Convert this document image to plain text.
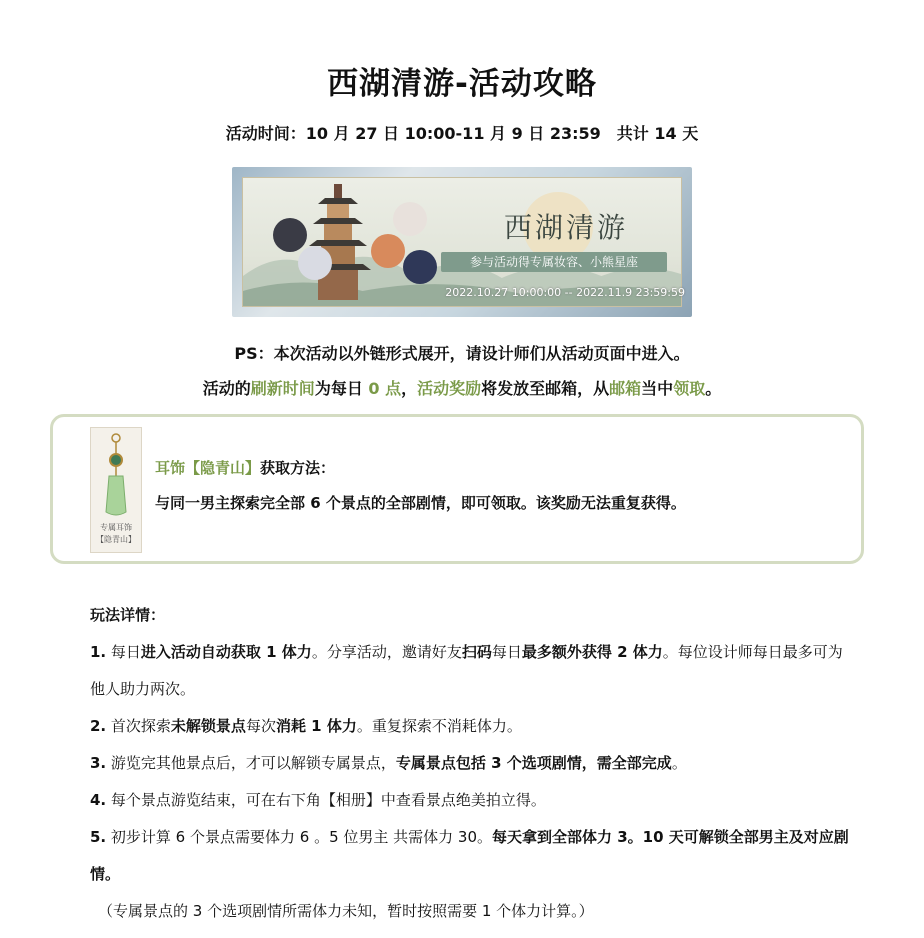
西湖清游-活动攻略
活动时间：10 月 27 日 10:00-11 月 9 日 23:59　共计 14 天
西湖清游
参与活动得专属妆容、小熊星座
2022.10.27 10:00:00 -- 2022.11.9 23:59:59
PS：本次活动以外链形式展开，请设计师们从活动页面中进入。
活动的刷新时间为每日 0 点，活动奖励将发放至邮箱，从邮箱当中领取。
专属耳饰
【隐青山】
耳饰【隐青山】获取方法：
与同一男主探索完全部 6 个景点的全部剧情，即可领取。该奖励无法重复获得。
玩法详情：

1. 每日进入活动自动获取 1 体力。分享活动，邀请好友扫码每日最多额外获得 2 体力。每位设计师每日最多可为他人助力两次。

2. 首次探索未解锁景点每次消耗 1 体力。重复探索不消耗体力。

3. 游览完其他景点后，才可以解锁专属景点，专属景点包括 3 个选项剧情，需全部完成。

4. 每个景点游览结束，可在右下角【相册】中查看景点绝美拍立得。

5. 初步计算 6 个景点需要体力 6 。5 位男主 共需体力 30。每天拿到全部体力 3。10 天可解锁全部男主及对应剧情。

（专属景点的 3 个选项剧情所需体力未知，暂时按照需要 1 个体力计算。）
